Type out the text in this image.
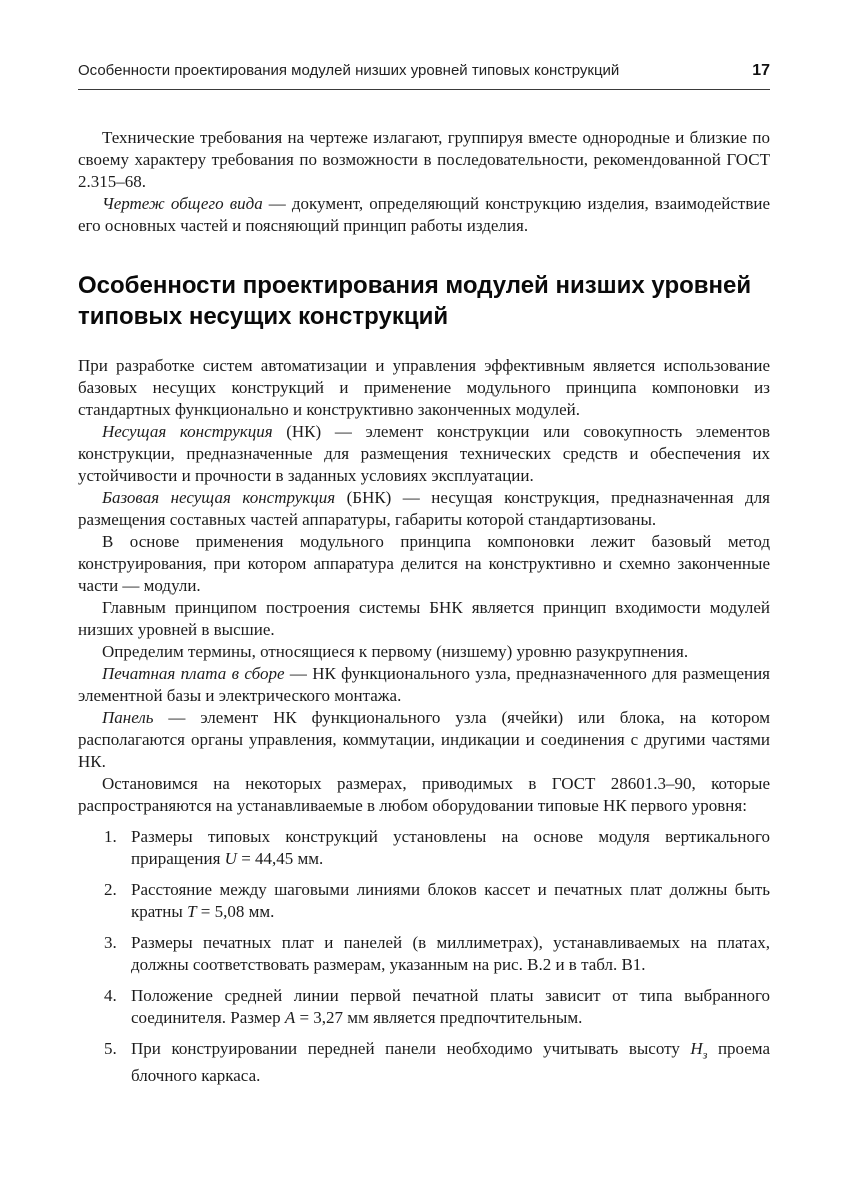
Особенности проектирования модулей низших уровней типовых конструкций	17

Технические требования на чертеже излагают, группируя вместе однородные и близкие по своему характеру требования по возможности в последовательности, рекомендованной ГОСТ 2.315–68.

Чертеж общего вида — документ, определяющий конструкцию изделия, взаимодействие его основных частей и поясняющий принцип работы изделия.

Особенности проектирования модулей низших уровней типовых несущих конструкций

При разработке систем автоматизации и управления эффективным является использование базовых несущих конструкций и применение модульного принципа компоновки из стандартных функционально и конструктивно законченных модулей.

Несущая конструкция (НК) — элемент конструкции или совокупность элементов конструкции, предназначенные для размещения технических средств и обеспечения их устойчивости и прочности в заданных условиях эксплуатации.

Базовая несущая конструкция (БНК) — несущая конструкция, предназначенная для размещения составных частей аппаратуры, габариты которой стандартизованы.

В основе применения модульного принципа компоновки лежит базовый метод конструирования, при котором аппаратура делится на конструктивно и схемно законченные части — модули.

Главным принципом построения системы БНК является принцип входимости модулей низших уровней в высшие.

Определим термины, относящиеся к первому (низшему) уровню разукрупнения.

Печатная плата в сборе — НК функционального узла, предназначенного для размещения элементной базы и электрического монтажа.

Панель — элемент НК функционального узла (ячейки) или блока, на котором располагаются органы управления, коммутации, индикации и соединения с другими частями НК.

Остановимся на некоторых размерах, приводимых в ГОСТ 28601.3–90, которые распространяются на устанавливаемые в любом оборудовании типовые НК первого уровня:

1. Размеры типовых конструкций установлены на основе модуля вертикального приращения U = 44,45 мм.
2. Расстояние между шаговыми линиями блоков кассет и печатных плат должны быть кратны T = 5,08 мм.
3. Размеры печатных плат и панелей (в миллиметрах), устанавливаемых на платах, должны соответствовать размерам, указанным на рис. В.2 и в табл. В1.
4. Положение средней линии первой печатной платы зависит от типа выбранного соединителя. Размер A = 3,27 мм является предпочтительным.
5. При конструировании передней панели необходимо учитывать высоту $H_з$ проема блочного каркаса.
